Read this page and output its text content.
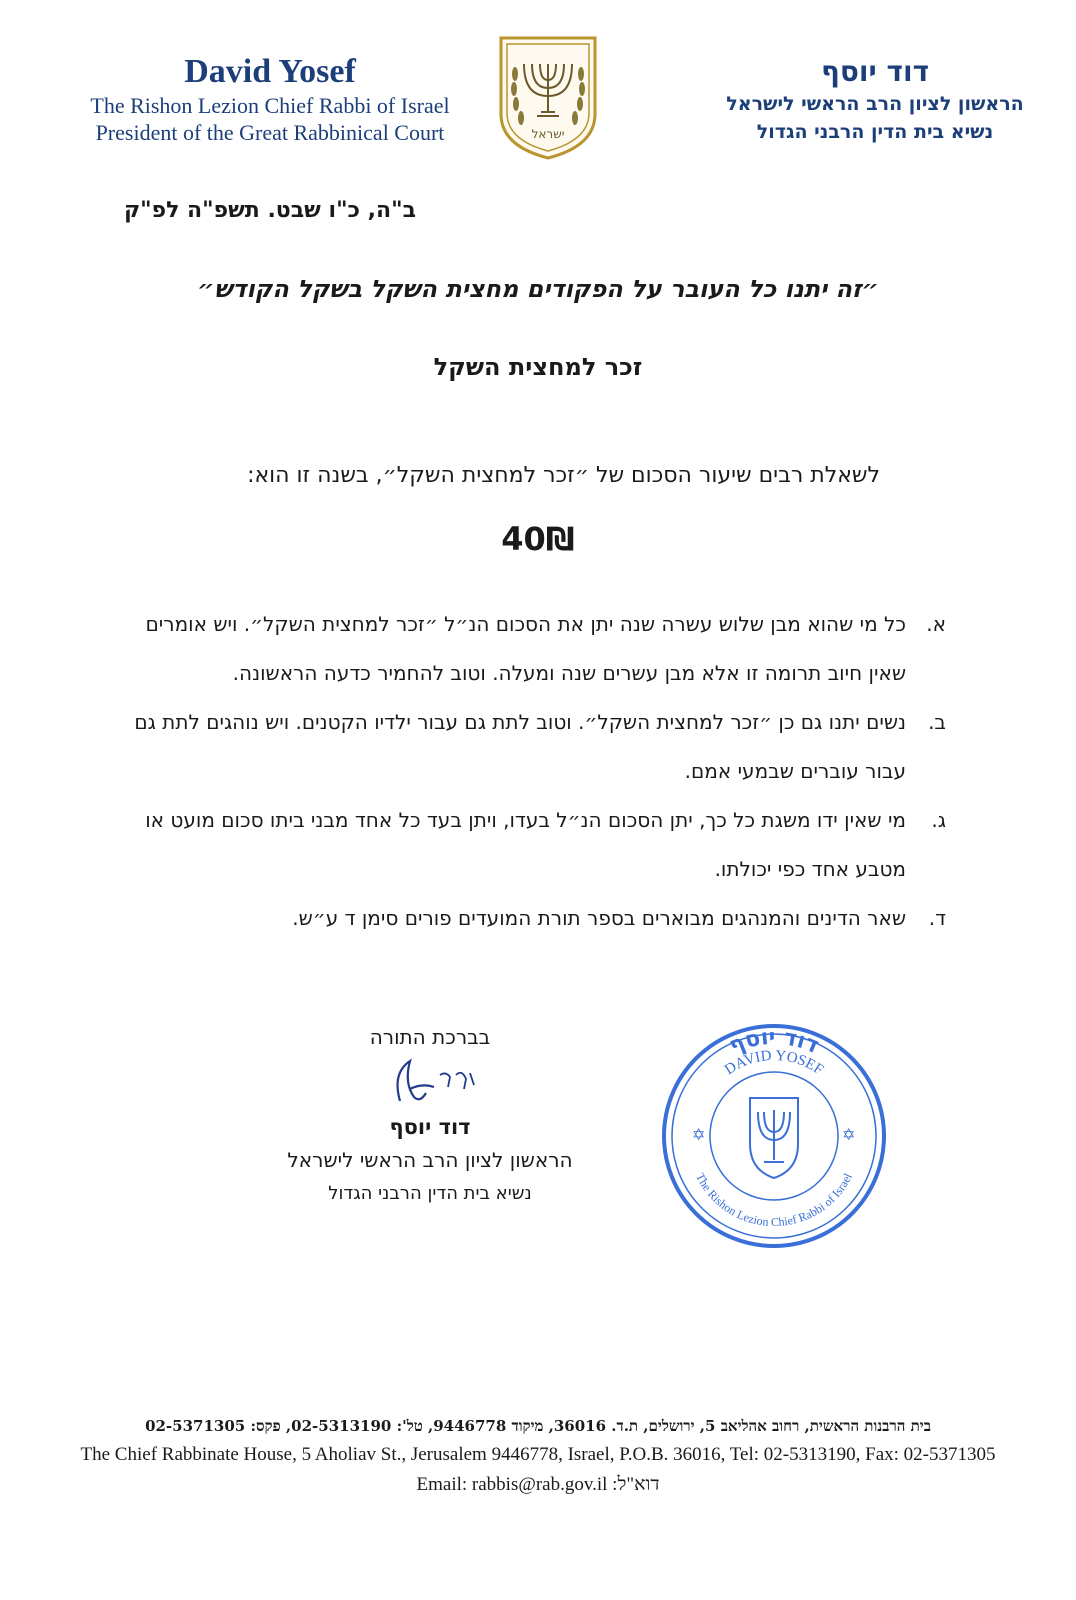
David Yosef
The Rishon Lezion Chief Rabbi of Israel
President of the Great Rabbinical Court	ישראל
דוד יוסף
הראשון לציון הרב הראשי לישראל
נשיא בית הדין הרבני הגדול
ב"ה, כ"ו שבט. תשפ"ה לפ"ק
״זה יתנו כל העובר על הפקודים מחצית השקל בשקל הקודש״
זכר למחצית השקל
לשאלת רבים שיעור הסכום של ״זכר למחצית השקל״, בשנה זו הוא:
40₪
א.
כל מי שהוא מבן שלוש עשרה שנה יתן את הסכום הנ״ל ״זכר למחצית השקל״. ויש אומרים שאין חיוב תרומה זו אלא מבן עשרים שנה ומעלה. וטוב להחמיר כדעה הראשונה.
ב.
נשים יתנו גם כן ״זכר למחצית השקל״. וטוב לתת גם עבור ילדיו הקטנים. ויש נוהגים לתת גם עבור עוברים שבמעי אמם.
ג.
מי שאין ידו משגת כל כך, יתן הסכום הנ״ל בעדו, ויתן בעד כל אחד מבני ביתו סכום מועט או מטבע אחד כפי יכולתו.
ד.
שאר הדינים והמנהגים מבוארים בספר תורת המועדים פורים סימן ד ע״ש.
בברכת התורה
דוד יוסף
הראשון לציון הרב הראשי לישראל
נשיא בית הדין הרבני הגדול
דוד יוסף
DAVID YOSEF
The Rishon Lezion Chief Rabbi of Israel
✡	✡
בית הרבנות הראשית, רחוב אהליאב 5, ירושלים, ת.ד. 36016, מיקוד 9446778, טל': 02-5313190, פקס: 02-5371305
The Chief Rabbinate House, 5 Aholiav St., Jerusalem 9446778, Israel, P.O.B. 36016, Tel: 02-5313190, Fax: 02-5371305
Email: rabbis@rab.gov.il :דוא"ל
